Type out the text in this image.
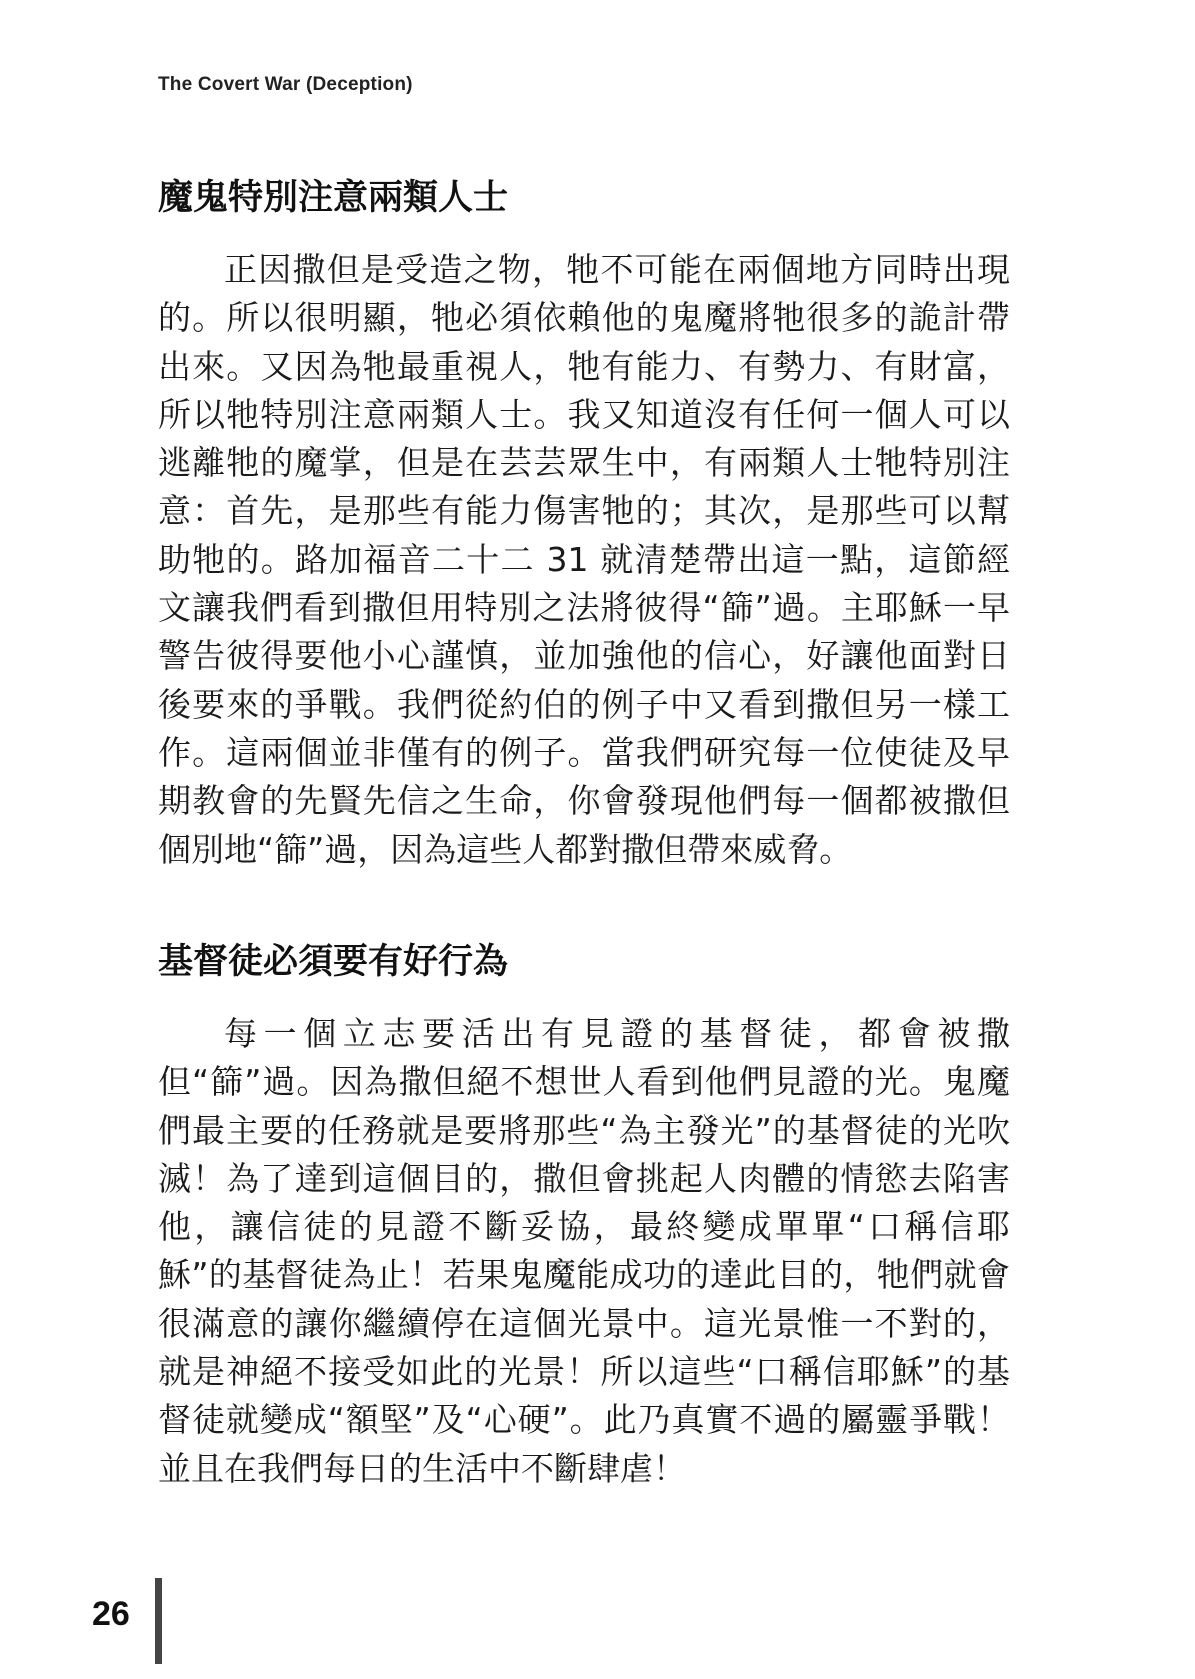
The Covert War (Deception)
魔鬼特別注意兩類人士

正因撒但是受造之物，牠不可能在兩個地方同時出現的。所以很明顯，牠必須依賴他的鬼魔將牠很多的詭計帶出來。又因為牠最重視人，牠有能力、有勢力、有財富，所以牠特別注意兩類人士。我又知道沒有任何一個人可以逃離牠的魔掌，但是在芸芸眾生中，有兩類人士牠特別注意：首先，是那些有能力傷害牠的；其次，是那些可以幫助牠的。路加福音二十二 31 就清楚帶出這一點，這節經文讓我們看到撒但用特別之法將彼得“篩”過。主耶穌一早警告彼得要他小心謹慎，並加強他的信心，好讓他面對日後要來的爭戰。我們從約伯的例子中又看到撒但另一樣工作。這兩個並非僅有的例子。當我們研究每一位使徒及早期教會的先賢先信之生命，你會發現他們每一個都被撒但個別地“篩”過，因為這些人都對撒但帶來威脅。

基督徒必須要有好行為

每一個立志要活出有見證的基督徒，都會被撒但“篩”過。因為撒但絕不想世人看到他們見證的光。鬼魔們最主要的任務就是要將那些“為主發光”的基督徒的光吹滅！為了達到這個目的，撒但會挑起人肉體的情慾去陷害他，讓信徒的見證不斷妥協，最終變成單單“口稱信耶穌”的基督徒為止！若果鬼魔能成功的達此目的，牠們就會很滿意的讓你繼續停在這個光景中。這光景惟一不對的，就是神絕不接受如此的光景！所以這些“口稱信耶穌”的基督徒就變成“額堅”及“心硬”。此乃真實不過的屬靈爭戰！並且在我們每日的生活中不斷肆虐！

26
